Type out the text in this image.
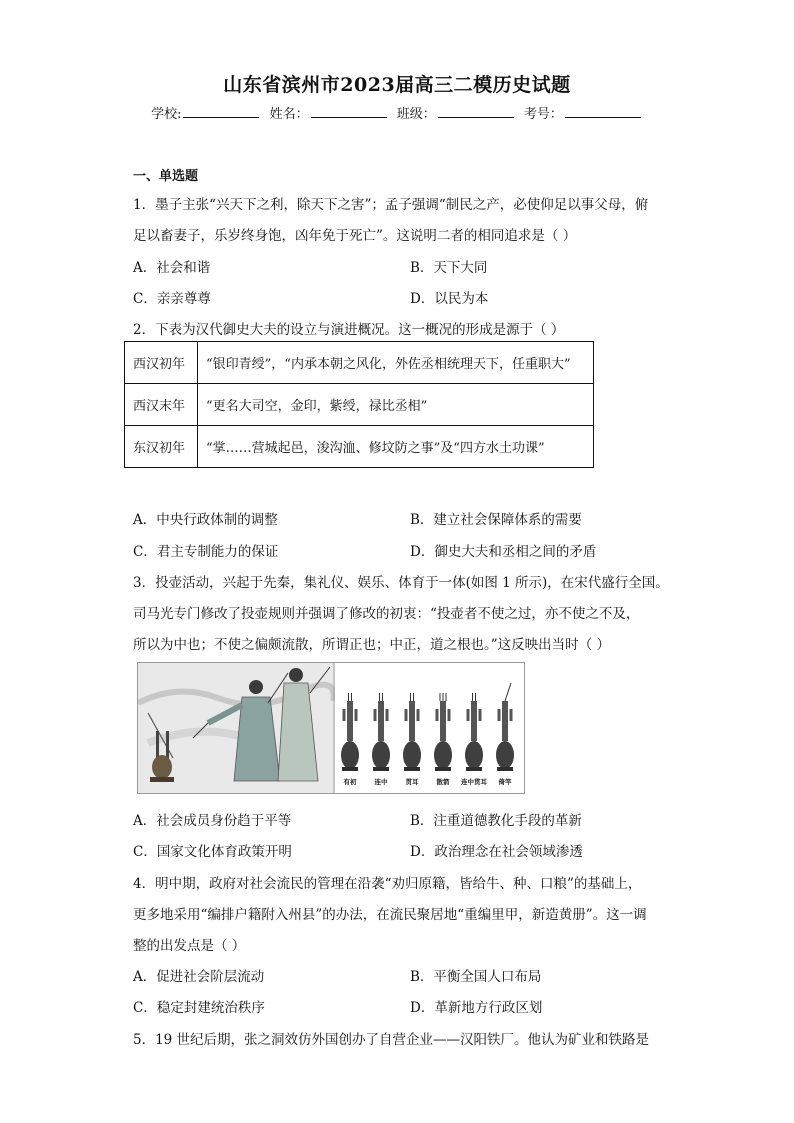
山东省滨州市2023届高三二模历史试题
学校:	姓名：	班级：	考号：
一、单选题
1．墨子主张“兴天下之利，除天下之害”；孟子强调“制民之产，必使仰足以事父母，俯
足以畜妻子，乐岁终身饱，凶年免于死亡”。这说明二者的相同追求是（ ）
A．社会和谐	B．天下大同
C．亲亲尊尊	D．以民为本
2．下表为汉代御史大夫的设立与演进概况。这一概况的形成是源于（ ）
西汉初年	“银印青绶”，“内承本朝之风化，外佐丞相统理天下，任重职大”
西汉末年	“更名大司空，金印，紫绶，禄比丞相”
东汉初年	“掌……营城起邑，浚沟洫、修坟防之事”及“四方水土功课”
A．中央行政体制的调整	B．建立社会保障体系的需要
C．君主专制能力的保证	D．御史大夫和丞相之间的矛盾
3．投壶活动，兴起于先秦，集礼仪、娱乐、体育于一体(如图 1 所示)，在宋代盛行全国。
司马光专门修改了投壶规则并强调了修改的初衷：“投壶者不使之过，亦不使之不及，
所以为中也；不使之偏颇流散，所谓正也；中正，道之根也。”这反映出当时（ ）
有初	连中	贯耳	散箭 连中贯耳 倚竿
A．社会成员身份趋于平等	B．注重道德教化手段的革新
C．国家文化体育政策开明	D．政治理念在社会领域渗透
4．明中期，政府对社会流民的管理在沿袭“劝归原籍，皆给牛、种、口粮”的基础上，
更多地采用“编排户籍附入州县”的办法，在流民聚居地“重编里甲，新造黄册”。这一调
整的出发点是（ ）
A．促进社会阶层流动	B．平衡全国人口布局
C．稳定封建统治秩序	D．革新地方行政区划
5．19 世纪后期，张之洞效仿外国创办了自营企业——汉阳铁厂。他认为矿业和铁路是
